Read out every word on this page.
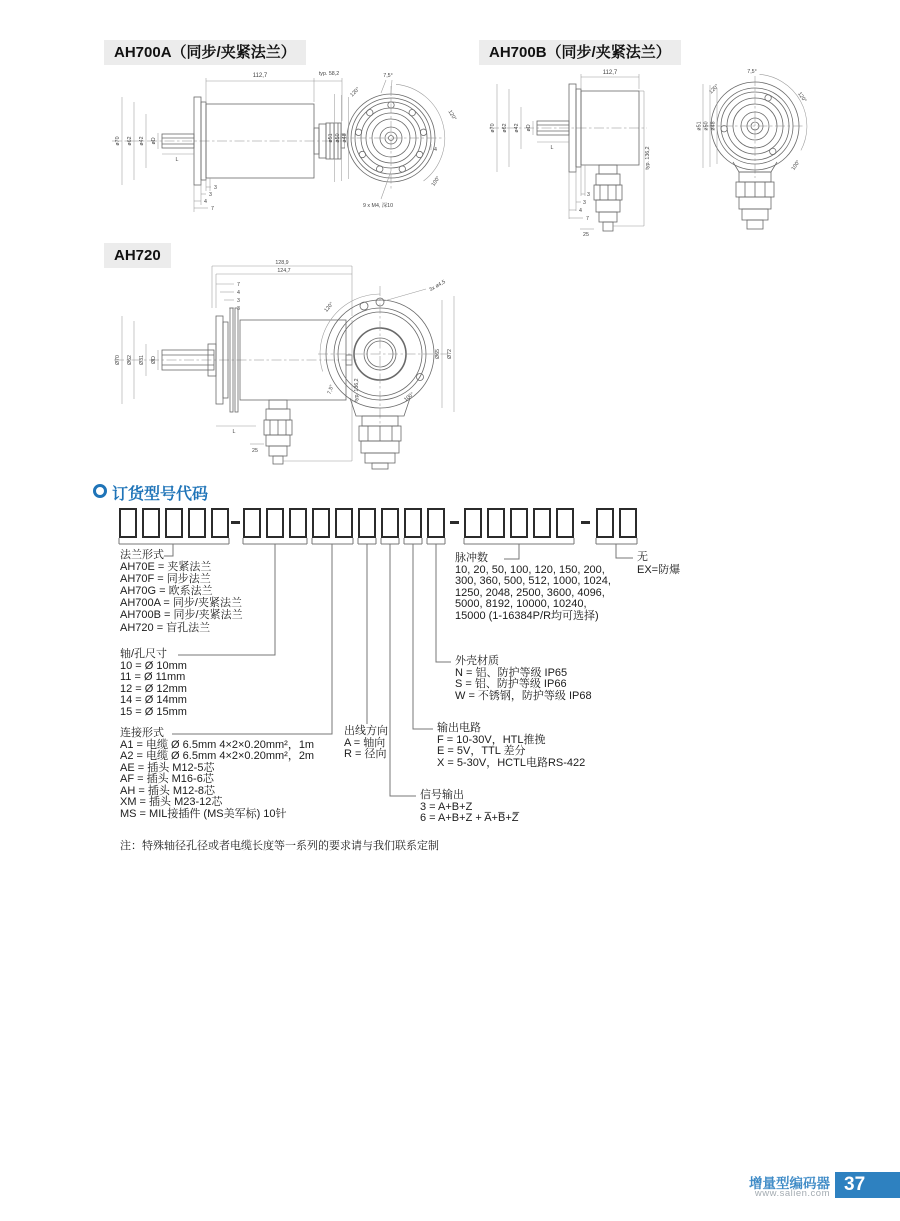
AH700A（同步/夹紧法兰）	AH700B（同步/夹紧法兰）
AH720
ø70 ø62 ø42 øD
112,7	typ. 58,2
3
3
4
7
L
7,5°
120°
120°
100°
ø51 ø50 ø48
4
9 x M4, 深10
ø70 ø62 ø42 øD
112,7
typ. 136,2
3
3
4
7
25
L
7,5°
120°
120°
100°
ø51 ø50 ø48
128,9
124,7
7
4
3
3
Ø70 Ø62 Ø31 ØD
typ. 136,2
L
25
120°
3x ø4,5
Ø65 Ø72
7,5°
100°
订货型号代码
法兰形式
AH70E = 夹紧法兰
AH70F = 同步法兰
AH70G = 欧系法兰
AH700A = 同步/夹紧法兰
AH700B = 同步/夹紧法兰
AH720 = 盲孔法兰
轴/孔尺寸
10 = Ø 10mm
11 = Ø 11mm
12 = Ø 12mm
14 = Ø 14mm
15 = Ø 15mm
连接形式
A1 = 电缆 Ø 6.5mm 4×2×0.20mm²，1m
A2 = 电缆 Ø 6.5mm 4×2×0.20mm²，2m
AE = 插头 M12-5芯
AF = 插头 M16-6芯
AH = 插头 M12-8芯
XM = 插头 M23-12芯
MS = MIL接插件 (MS美军标) 10针
出线方向
A = 轴向
R = 径向
脉冲数
10, 20, 50, 100, 120, 150, 200,
300, 360, 500, 512, 1000, 1024,
1250, 2048, 2500, 3600, 4096,
5000, 8192, 10000, 10240,
15000 (1-16384P/R均可选择)
外壳材质
N = 铝、防护等级 IP65
S = 铝、防护等级 IP66
W = 不锈钢，防护等级 IP68
输出电路
F = 10-30V，HTL推挽
E = 5V，TTL 差分
X = 5-30V，HCTL电路RS-422
信号输出
3 = A+B+Z
6 = A+B+Z + A̅+B̅+Z̅
无
EX=防爆
注：特殊轴径孔径或者电缆长度等一系列的要求请与我们联系定制
增量型编码器
www.salien.com 37
